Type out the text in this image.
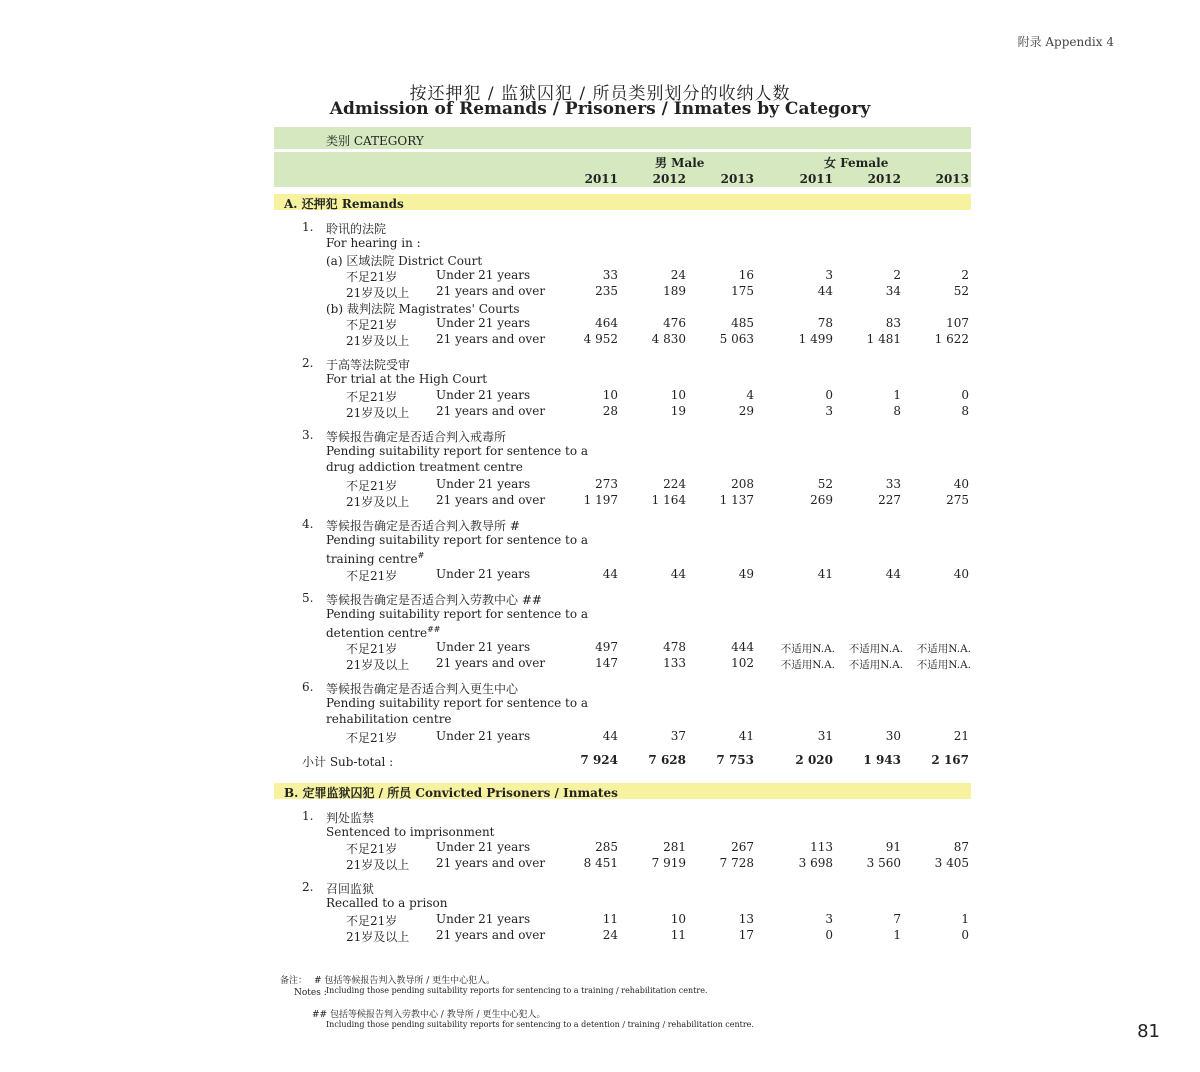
附录 Appendix 4
按还押犯 / 监狱囚犯 / 所员类别划分的收纳人数
Admission of Remands / Prisoners / Inmates by Category
类别 CATEGORY
男 Male	女 Female
2011	2012	2013	2011	2012	2013
A. 还押犯 Remands
1. 聆讯的法院
For hearing in :
(a) 区域法院 District Court
不足21岁	Under 21 years	33	24	16	3	2	2
21岁及以上 21 years and over	235	189	175	44	34	52
(b) 裁判法院 Magistrates' Courts
不足21岁	Under 21 years	464	476	485	78	83	107
21岁及以上 21 years and over	4 952	4 830	5 063	1 499	1 481	1 622
2. 于高等法院受审
For trial at the High Court
不足21岁	Under 21 years	10	10	4	0	1	0
21岁及以上 21 years and over	28	19	29	3	8	8
3. 等候报告确定是否适合判入戒毒所
Pending suitability report for sentence to a
drug addiction treatment centre
不足21岁	Under 21 years	273	224	208	52	33	40
21岁及以上 21 years and over	1 197	1 164	1 137	269	227	275
4. 等候报告确定是否适合判入教导所 #
Pending suitability report for sentence to a
training centre#
不足21岁	Under 21 years	44	44	49	41	44	40
5. 等候报告确定是否适合判入劳教中心 ##
Pending suitability report for sentence to a
detention centre##
不足21岁	Under 21 years	497	478	444	不适用N.A.	不适用N.A.	不适用N.A.
21岁及以上 21 years and over	147	133	102	不适用N.A.	不适用N.A.	不适用N.A.
6. 等候报告确定是否适合判入更生中心
Pending suitability report for sentence to a
rehabilitation centre
不足21岁	Under 21 years	44	37	41	31	30	21
小计 Sub-total :	7 924	7 628	7 753	2 020	1 943	2 167
B. 定罪监狱囚犯 / 所员 Convicted Prisoners / Inmates
1. 判处监禁
Sentenced to imprisonment
不足21岁	Under 21 years	285	281	267	113	91	87
21岁及以上 21 years and over	8 451	7 919	7 728	3 698	3 560	3 405
2. 召回监狱
Recalled to a prison
不足21岁	Under 21 years	11	10	13	3	7	1
21岁及以上 21 years and over	24	11	17	0	1	0
备注：
Notes :
# 包括等候报告判入教导所 / 更生中心犯人。
Including those pending suitability reports for sentencing to a training / rehabilitation centre.
## 包括等候报告判入劳教中心 / 教导所 / 更生中心犯人。
Including those pending suitability reports for sentencing to a detention / training / rehabilitation centre.	81
